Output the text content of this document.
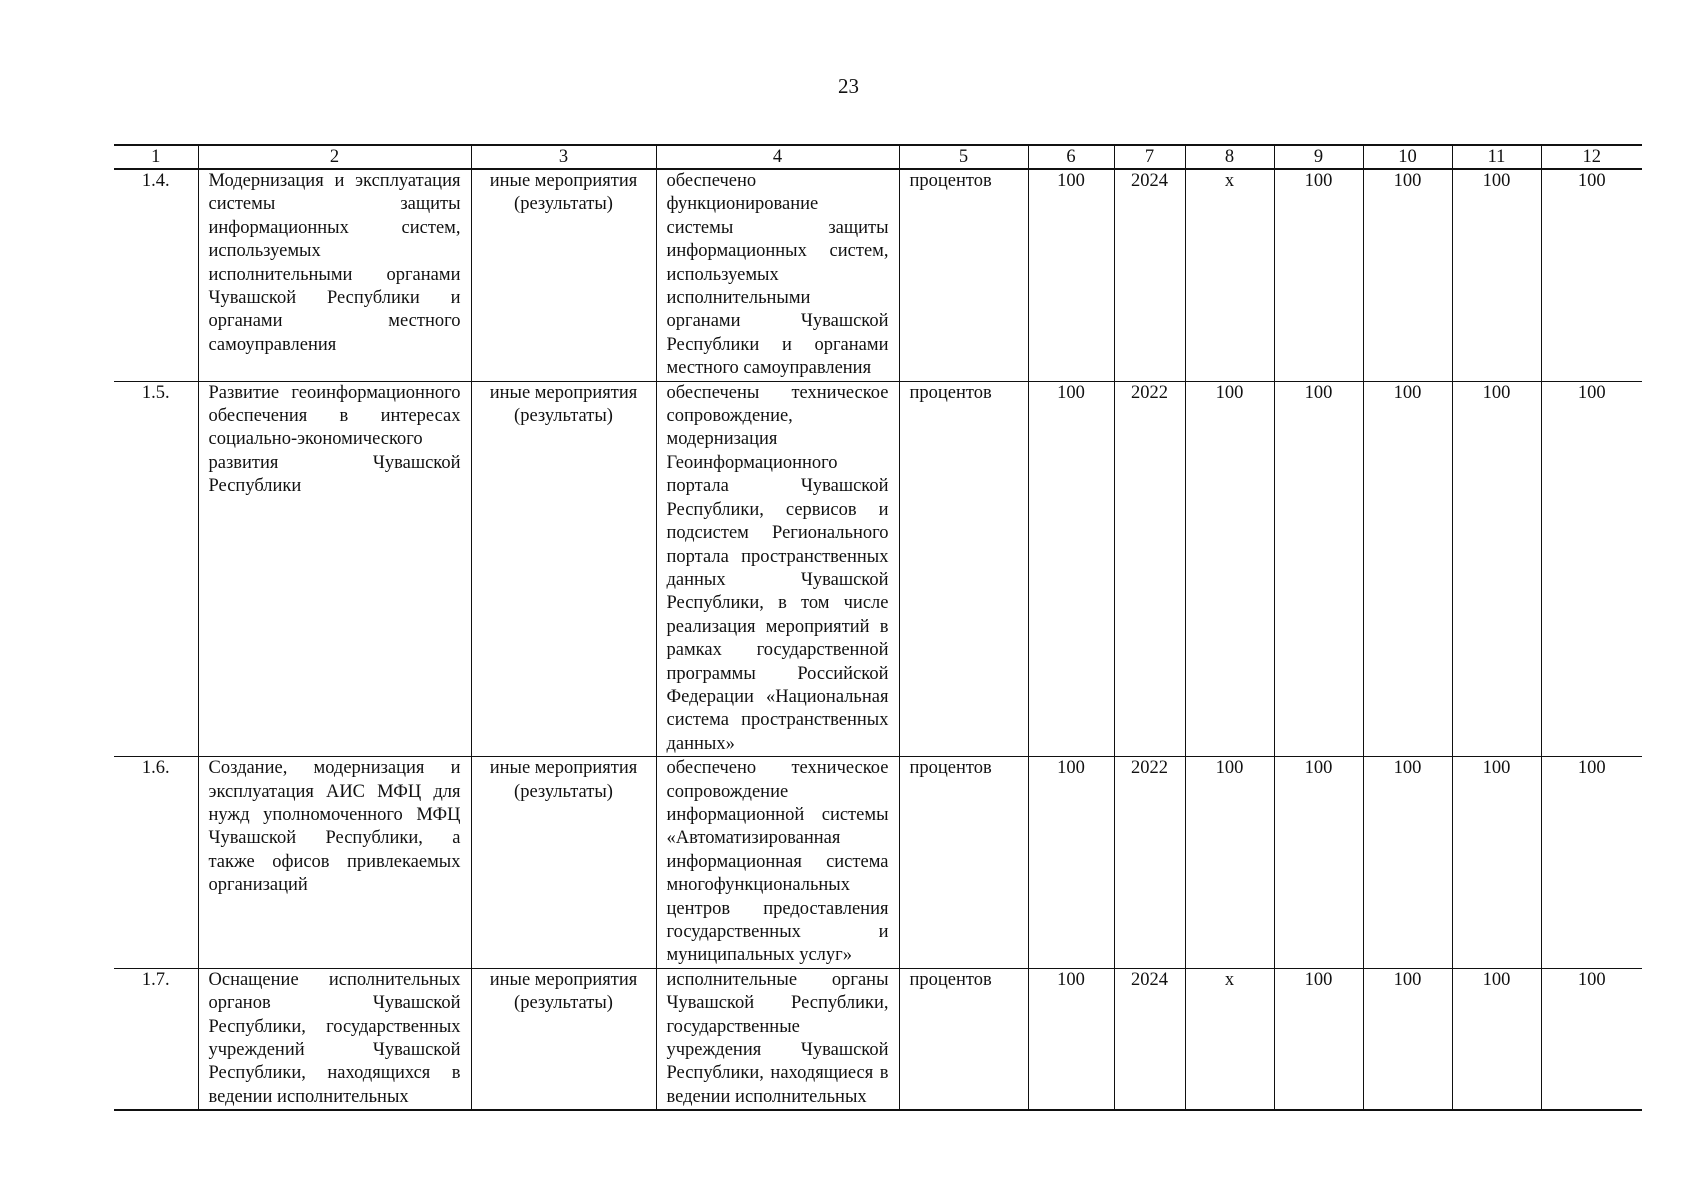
23
1	2	3	4	5	6	7	8	9	10	11	12
1.4.	Модернизация и эксплуатация системы защиты информационных систем, используемых исполнительными органами Чувашской Республики и органами местного самоуправления	иные мероприятия (результаты)	обеспечено функционирование системы защиты информационных систем, используемых исполнительными органами Чувашской Республики и органами местного самоуправления	процентов	100	2024	х	100	100	100	100
1.5.	Развитие геоинформационного обеспечения в интересах социально-экономического развития Чувашской Республики	иные мероприятия (результаты)	обеспечены техническое сопровождение, модернизация Геоинформационного портала Чувашской Республики, сервисов и подсистем Регионального портала пространственных данных Чувашской Республики, в том числе реализация мероприятий в рамках государственной программы Российской Федерации «Национальная система пространственных данных»	процентов	100	2022	100	100	100	100	100
1.6.	Создание, модернизация и эксплуатация АИС МФЦ для нужд уполномоченного МФЦ Чувашской Республики, а также офисов привлекаемых организаций	иные мероприятия (результаты)	обеспечено техническое сопровождение информационной системы «Автоматизированная информационная система многофункциональных центров предоставления государственных и муниципальных услуг»	процентов	100	2022	100	100	100	100	100
1.7.	Оснащение исполнительных органов Чувашской Республики, государственных учреждений Чувашской Республики, находящихся в ведении исполнительных	иные мероприятия (результаты)	исполнительные органы Чувашской Республики, государственные учреждения Чувашской Республики, находящиеся в ведении исполнительных	процентов	100	2024	х	100	100	100	100
